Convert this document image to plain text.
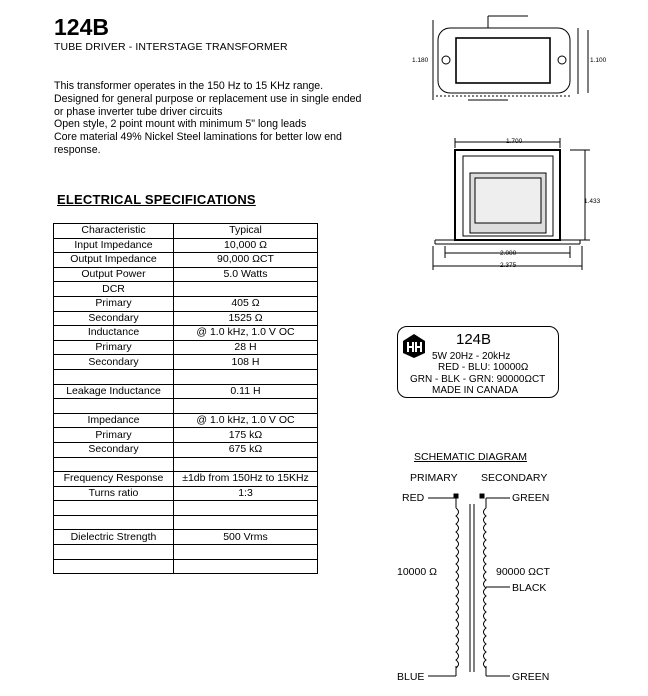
124B
TUBE DRIVER - INTERSTAGE TRANSFORMER
This transformer operates in the 150 Hz to 15 KHz range.
Designed for general purpose or replacement use in single ended
or phase inverter tube driver circuits
Open style, 2 point mount with minimum 5" long leads
Core material 49% Nickel Steel laminations for better low end
response.
ELECTRICAL SPECIFICATIONS
Characteristic	Typical
Input Impedance	10,000 Ω
Output Impedance	90,000 ΩCT
Output Power	5.0 Watts
DCR	
Primary	405 Ω
Secondary	1525 Ω
Inductance	@ 1.0 kHz, 1.0 V OC
Primary	28 H
Secondary	108 H

Leakage Inductance	0.11 H

Impedance	@ 1.0 kHz, 1.0 V OC
Primary	175 kΩ
Secondary	675 kΩ

Frequency Response	±1db from 150Hz to 15KHz
Turns ratio	1:3

Dielectric Strength	500 Vrms

1.180	1.100
1.700
1.433
2.000
2.375
124B
5W 20Hz - 20kHz
RED - BLU: 10000Ω
GRN - BLK - GRN: 90000ΩCT
MADE IN CANADA
SCHEMATIC DIAGRAM
PRIMARY SECONDARY
RED	GREEN
10000 Ω	90000 ΩCT
BLACK
BLUE	GREEN
